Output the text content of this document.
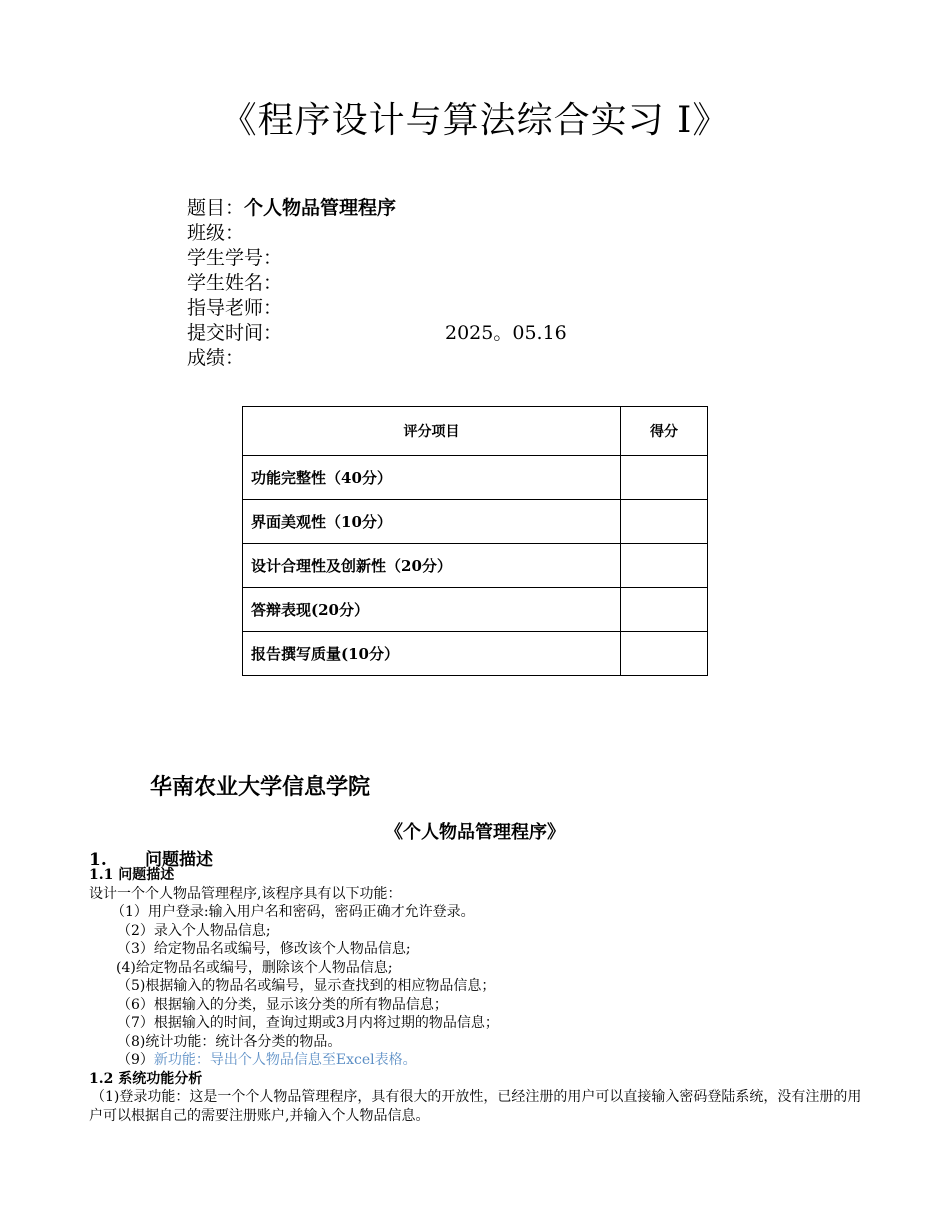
《程序设计与算法综合实习 I》
题目：个人物品管理程序
班级：
学生学号：
学生姓名：
指导老师：
提交时间：	2025。05.16
成绩：
评分项目	得分
功能完整性（40分）	
界面美观性（10分）	
设计合理性及创新性（20分）	
答辩表现(20分）	
报告撰写质量(10分）	
华南农业大学信息学院
《个人物品管理程序》
1. 问题描述
1.1 问题描述
设计一个个人物品管理程序,该程序具有以下功能：
（1）用户登录:输入用户名和密码，密码正确才允许登录。
（2）录入个人物品信息;
（3）给定物品名或编号，修改该个人物品信息;
(4)给定物品名或编号，删除该个人物品信息;
（5)根据输入的物品名或编号，显示查找到的相应物品信息；
（6）根据输入的分类，显示该分类的所有物品信息；
（7）根据输入的时间，查询过期或3月内将过期的物品信息；
（8)统计功能：统计各分类的物品。
（9）新功能：导出个人物品信息至Excel表格。
1.2 系统功能分析
（1)登录功能：这是一个个人物品管理程序，具有很大的开放性，已经注册的用户可以直接输入密码登陆系统，没有注册的用户可以根据自己的需要注册账户,并输入个人物品信息。
